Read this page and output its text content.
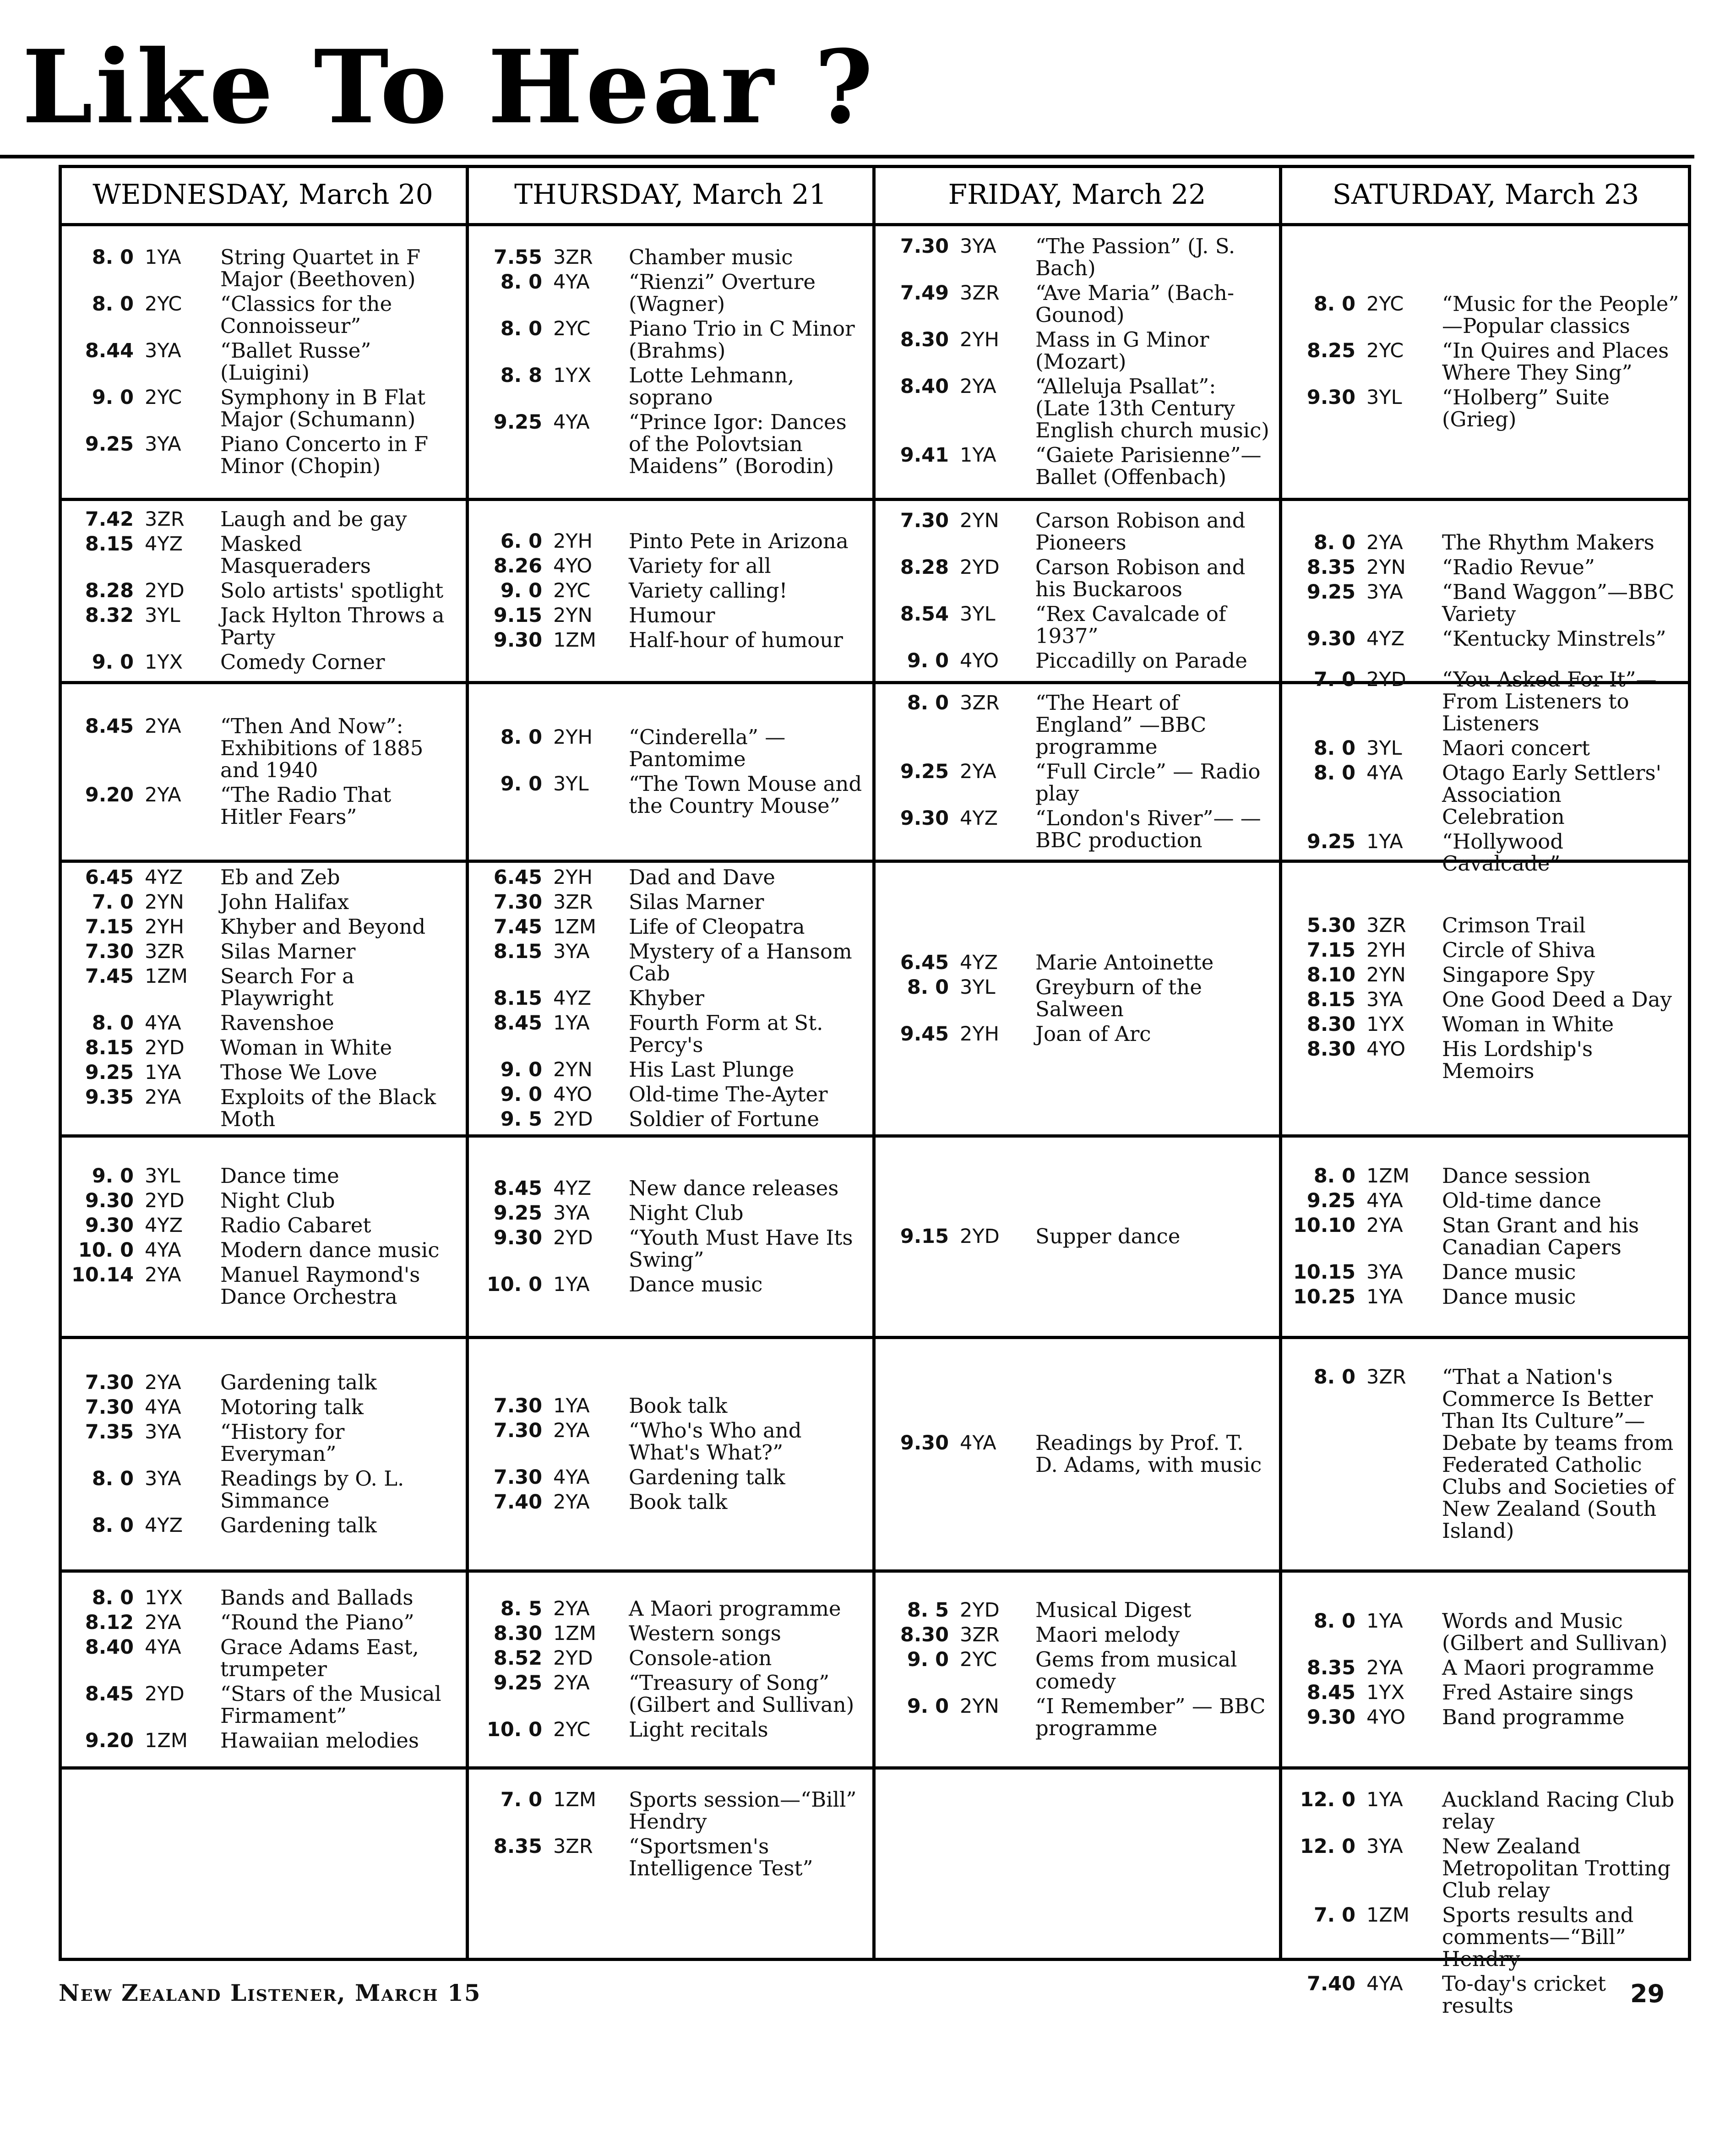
Like To Hear ?
WEDNESDAY, March 20
8. 0 1YA	String Quartet in F Major (Beethoven)
8. 0 2YC	“Classics for the Connoisseur”
8.44 3YA	“Ballet Russe” (Luigini)
9. 0 2YC	Symphony in B Flat Major (Schumann)
9.25 3YA	Piano Concerto in F Minor (Chopin)
7.42 3ZR	Laugh and be gay
8.15 4YZ	Masked Masqueraders
8.28 2YD	Solo artists' spotlight
8.32 3YL	Jack Hylton Throws a Party
9. 0 1YX	Comedy Corner
8.45 2YA	“Then And Now”: Exhibitions of 1885 and 1940
9.20 2YA	“The Radio That Hitler Fears”
6.45 4YZ	Eb and Zeb
7. 0 2YN	John Halifax
7.15 2YH	Khyber and Beyond
7.30 3ZR	Silas Marner
7.45 1ZM	Search For a Playwright
8. 0 4YA	Ravenshoe
8.15 2YD	Woman in White
9.25 1YA	Those We Love
9.35 2YA	Exploits of the Black Moth
9. 0 3YL	Dance time
9.30 2YD	Night Club
9.30 4YZ	Radio Cabaret
10. 0 4YA	Modern dance music
10.14 2YA	Manuel Raymond's Dance Orchestra
7.30 2YA	Gardening talk
7.30 4YA	Motoring talk
7.35 3YA	“History for Everyman”
8. 0 3YA	Readings by O. L. Simmance
8. 0 4YZ	Gardening talk
8. 0 1YX	Bands and Ballads
8.12 2YA	“Round the Piano”
8.40 4YA	Grace Adams East, trumpeter
8.45 2YD	“Stars of the Musical Firmament”
9.20 1ZM	Hawaiian melodies
THURSDAY, March 21
7.55 3ZR	Chamber music
8. 0 4YA	“Rienzi” Overture (Wagner)
8. 0 2YC	Piano Trio in C Minor (Brahms)
8. 8 1YX	Lotte Lehmann, soprano
9.25 4YA	“Prince Igor: Dances of the Polovtsian Maidens” (Borodin)
6. 0 2YH	Pinto Pete in Arizona
8.26 4YO	Variety for all
9. 0 2YC	Variety calling!
9.15 2YN	Humour
9.30 1ZM	Half-hour of humour
8. 0 2YH	“Cinderella” — Pantomime
9. 0 3YL	“The Town Mouse and the Country Mouse”
6.45 2YH	Dad and Dave
7.30 3ZR	Silas Marner
7.45 1ZM	Life of Cleopatra
8.15 3YA	Mystery of a Hansom Cab
8.15 4YZ	Khyber
8.45 1YA	Fourth Form at St. Percy's
9. 0 2YN	His Last Plunge
9. 0 4YO	Old-time The-Ayter
9. 5 2YD	Soldier of Fortune
8.45 4YZ	New dance releases
9.25 3YA	Night Club
9.30 2YD	“Youth Must Have Its Swing”
10. 0 1YA	Dance music
7.30 1YA	Book talk
7.30 2YA	“Who's Who and What's What?”
7.30 4YA	Gardening talk
7.40 2YA	Book talk
8. 5 2YA	A Maori programme
8.30 1ZM	Western songs
8.52 2YD	Console-ation
9.25 2YA	“Treasury of Song” (Gilbert and Sullivan)
10. 0 2YC	Light recitals
7. 0 1ZM	Sports session—“Bill” Hendry
8.35 3ZR	“Sportsmen's Intelligence Test”
FRIDAY, March 22
7.30 3YA	“The Passion” (J. S. Bach)
7.49 3ZR	“Ave Maria” (Bach-Gounod)
8.30 2YH	Mass in G Minor (Mozart)
8.40 2YA	“Alleluja Psallat”: (Late 13th Century English church music)
9.41 1YA	“Gaiete Parisienne”—Ballet (Offenbach)
7.30 2YN	Carson Robison and Pioneers
8.28 2YD	Carson Robison and his Buckaroos
8.54 3YL	“Rex Cavalcade of 1937”
9. 0 4YO	Piccadilly on Parade
8. 0 3ZR	“The Heart of England” —BBC programme
9.25 2YA	“Full Circle” — Radio play
9.30 4YZ	“London's River”— —BBC production
6.45 4YZ	Marie Antoinette
8. 0 3YL	Greyburn of the Salween
9.45 2YH	Joan of Arc
9.15 2YD	Supper dance
9.30 4YA	Readings by Prof. T. D. Adams, with music
8. 5 2YD	Musical Digest
8.30 3ZR	Maori melody
9. 0 2YC	Gems from musical comedy
9. 0 2YN	“I Remember” — BBC programme
SATURDAY, March 23
8. 0 2YC	“Music for the People” —Popular classics
8.25 2YC	“In Quires and Places Where They Sing”
9.30 3YL	“Holberg” Suite (Grieg)
8. 0 2YA	The Rhythm Makers
8.35 2YN	“Radio Revue”
9.25 3YA	“Band Waggon”—BBC Variety
9.30 4YZ	“Kentucky Minstrels”
7. 0 2YD	“You Asked For It”— From Listeners to Listeners
8. 0 3YL	Maori concert
8. 0 4YA	Otago Early Settlers' Association Celebration
9.25 1YA	“Hollywood Cavalcade”
5.30 3ZR	Crimson Trail
7.15 2YH	Circle of Shiva
8.10 2YN	Singapore Spy
8.15 3YA	One Good Deed a Day
8.30 1YX	Woman in White
8.30 4YO	His Lordship's Memoirs
8. 0 1ZM	Dance session
9.25 4YA	Old-time dance
10.10 2YA	Stan Grant and his Canadian Capers
10.15 3YA	Dance music
10.25 1YA	Dance music
8. 0 3ZR	“That a Nation's Commerce Is Better Than Its Culture”—Debate by teams from Federated Catholic Clubs and Societies of New Zealand (South Island)
8. 0 1YA	Words and Music (Gilbert and Sullivan)
8.35 2YA	A Maori programme
8.45 1YX	Fred Astaire sings
9.30 4YO	Band programme
12. 0 1YA	Auckland Racing Club relay
12. 0 3YA	New Zealand Metropolitan Trotting Club relay
7. 0 1ZM	Sports results and comments—“Bill” Hendry
7.40 4YA	To-day's cricket results

New Zealand Listener, March 15	29
